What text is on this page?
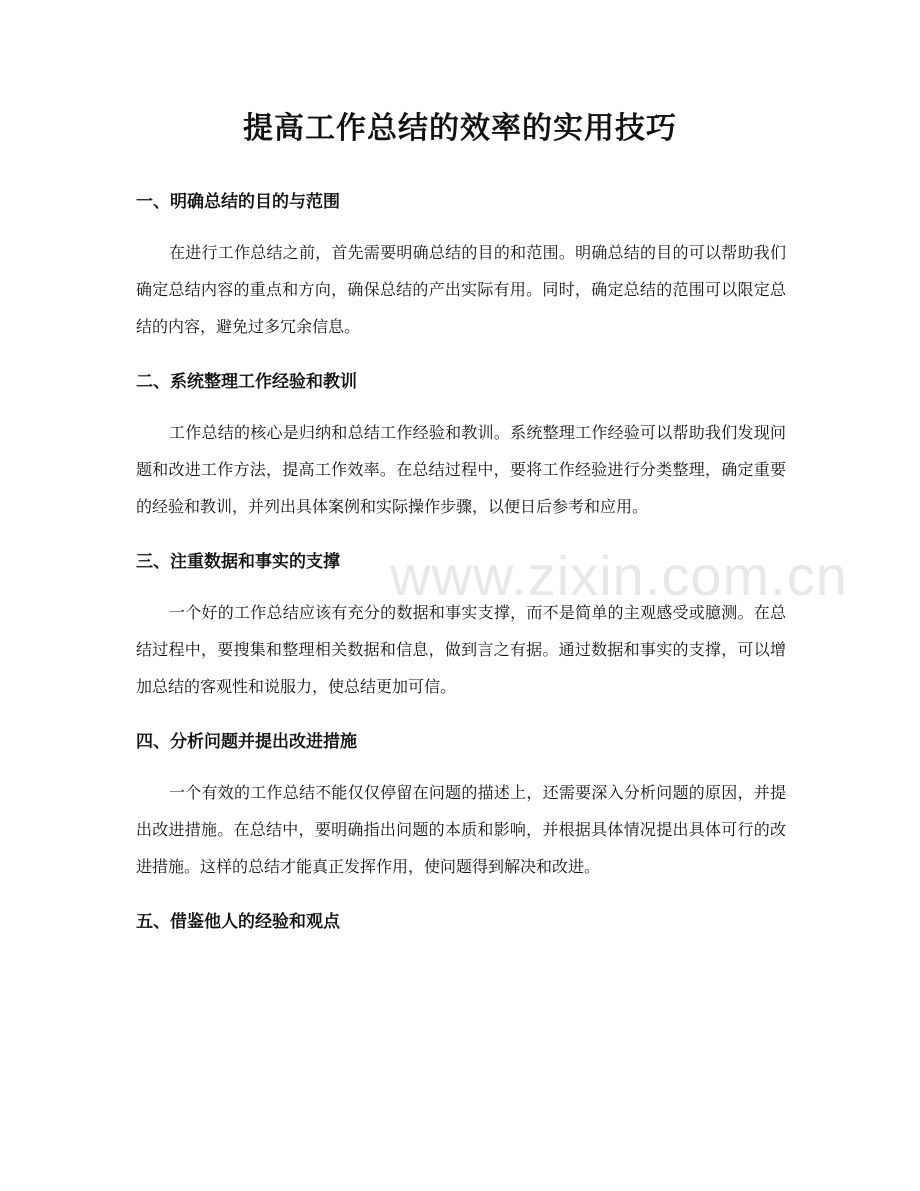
提高工作总结的效率的实用技巧
一、明确总结的目的与范围

在进行工作总结之前，首先需要明确总结的目的和范围。明确总结的目的可以帮助我们确定总结内容的重点和方向，确保总结的产出实际有用。同时，确定总结的范围可以限定总结的内容，避免过多冗余信息。

二、系统整理工作经验和教训

工作总结的核心是归纳和总结工作经验和教训。系统整理工作经验可以帮助我们发现问题和改进工作方法，提高工作效率。在总结过程中，要将工作经验进行分类整理，确定重要的经验和教训，并列出具体案例和实际操作步骤，以便日后参考和应用。

三、注重数据和事实的支撑

一个好的工作总结应该有充分的数据和事实支撑，而不是简单的主观感受或臆测。在总结过程中，要搜集和整理相关数据和信息，做到言之有据。通过数据和事实的支撑，可以增加总结的客观性和说服力，使总结更加可信。

四、分析问题并提出改进措施

一个有效的工作总结不能仅仅停留在问题的描述上，还需要深入分析问题的原因，并提出改进措施。在总结中，要明确指出问题的本质和影响，并根据具体情况提出具体可行的改进措施。这样的总结才能真正发挥作用，使问题得到解决和改进。

五、借鉴他人的经验和观点
www.zixin.com.cn
